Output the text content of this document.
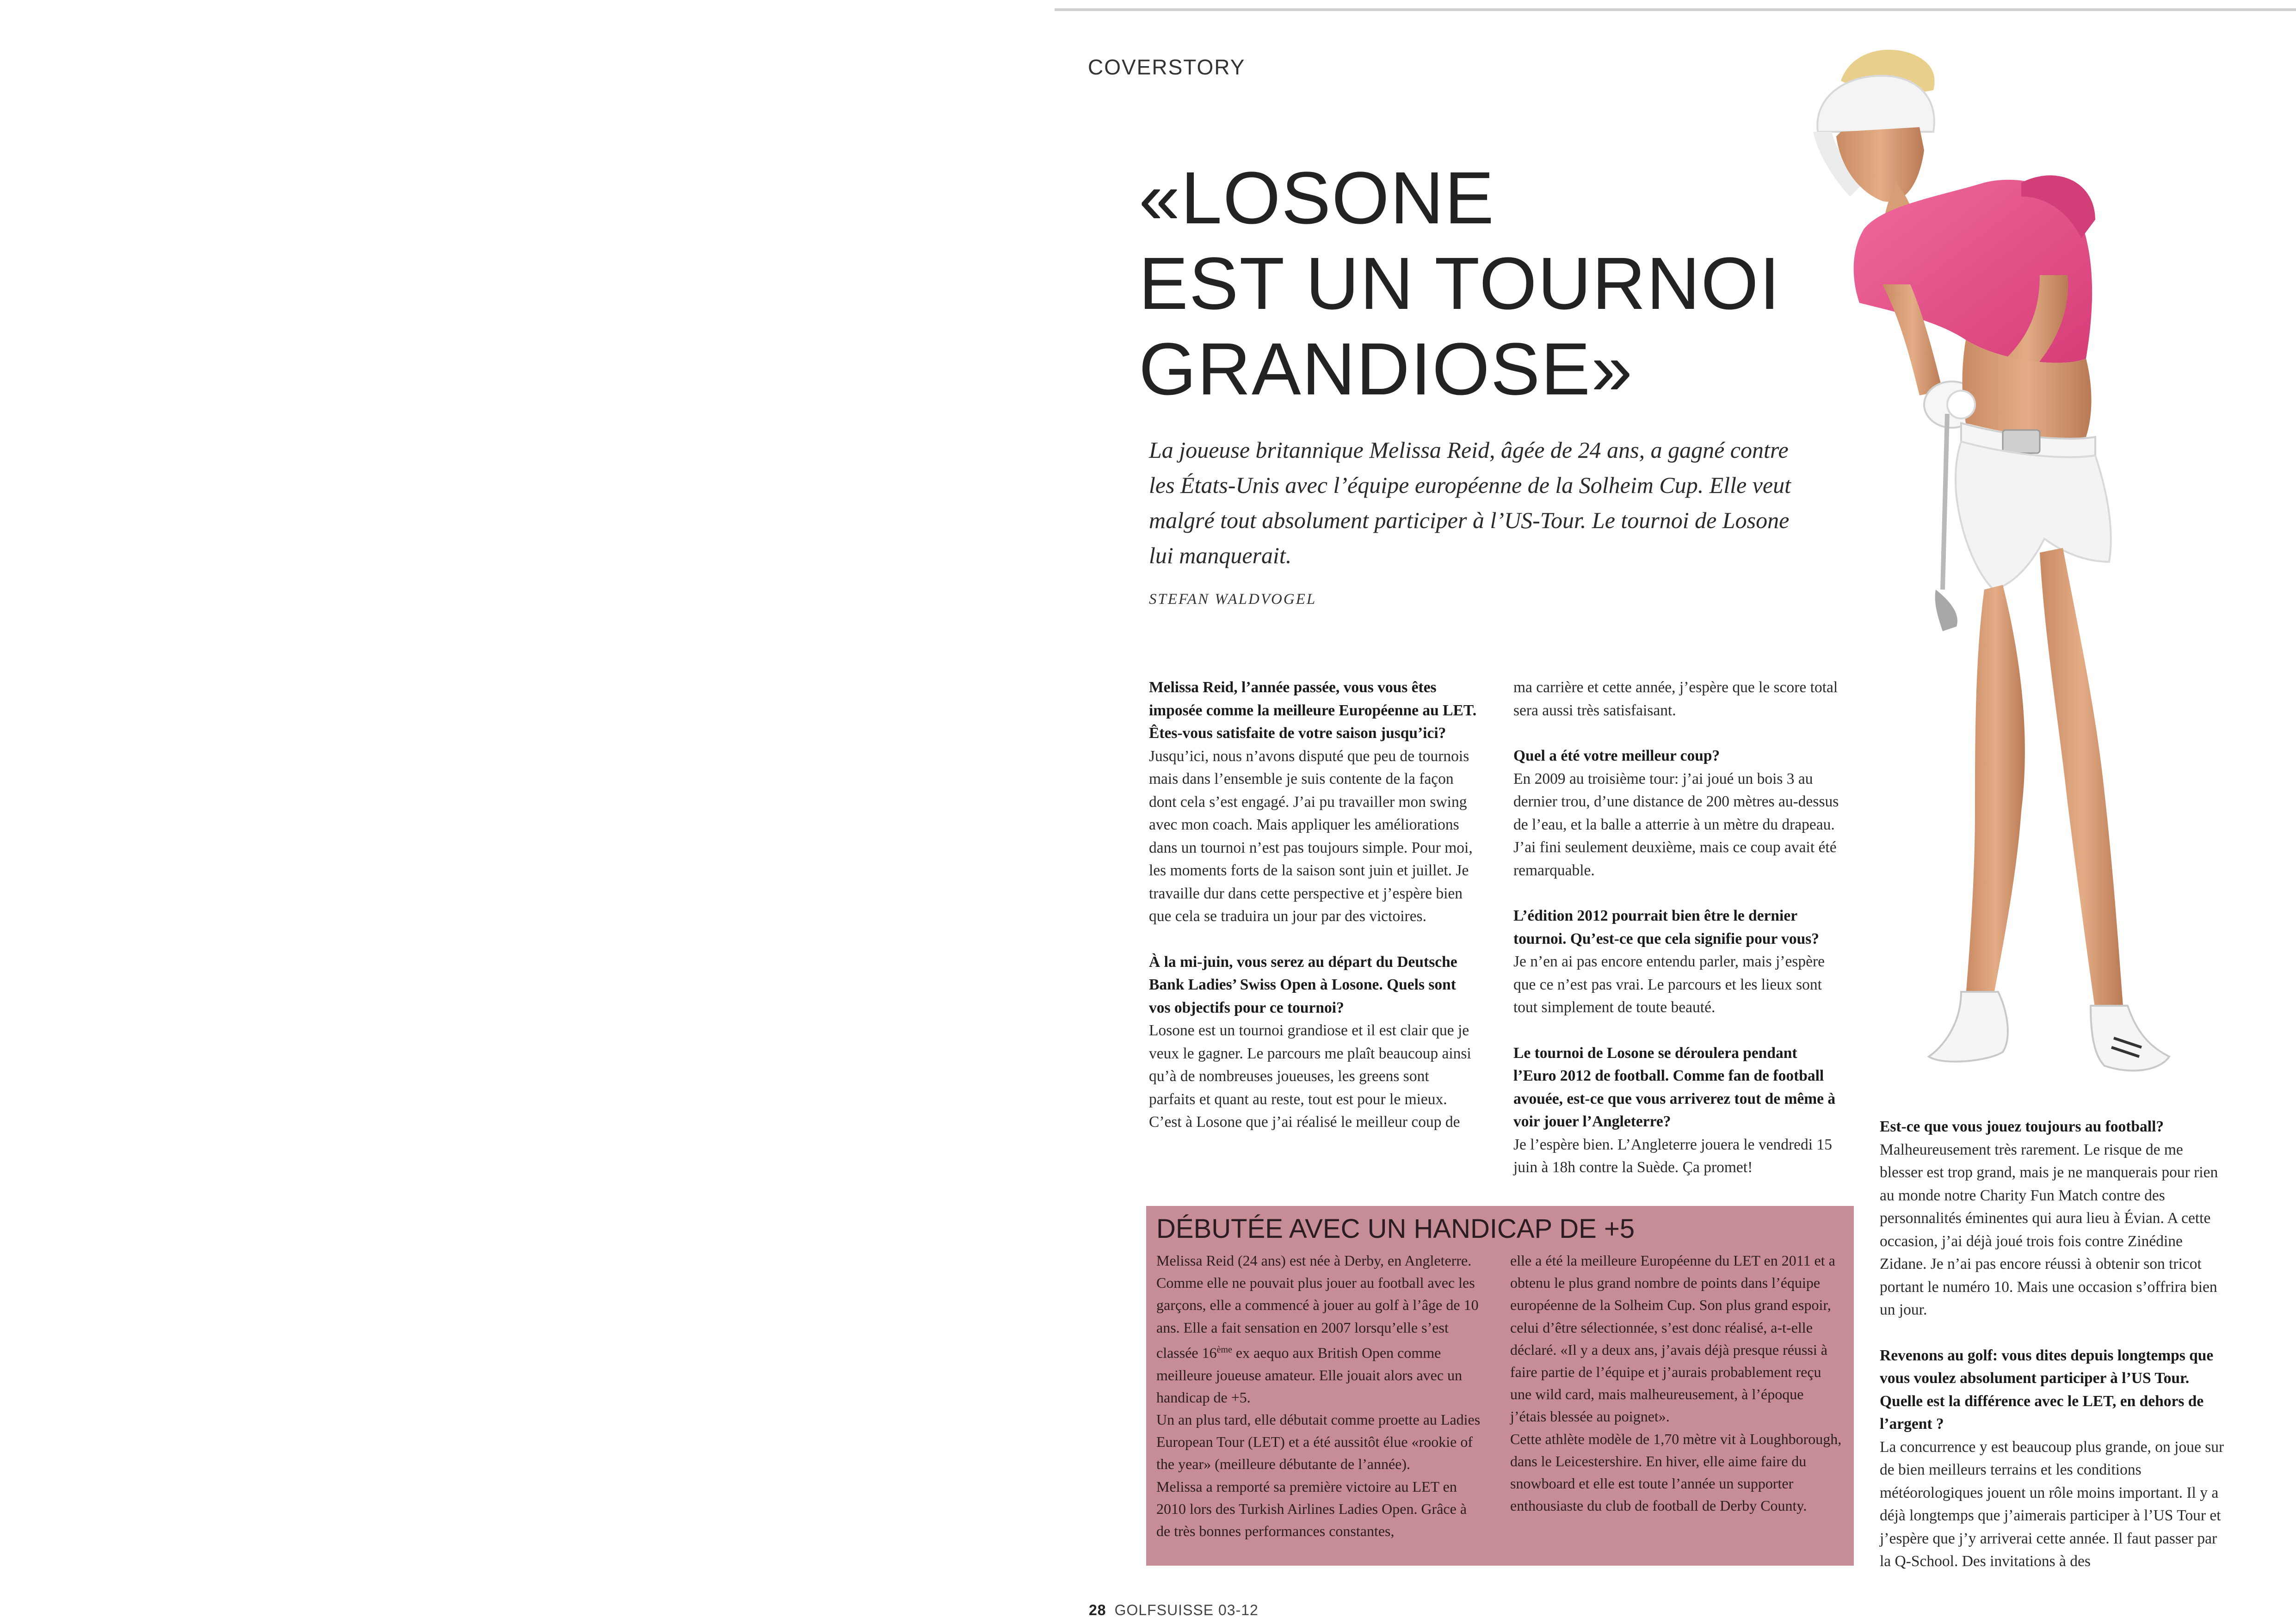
COVERSTORY
«LOSONE
EST UN TOURNOI
GRANDIOSE»

La joueuse britannique Melissa Reid, âgée de 24 ans, a gagné contre les États-Unis avec l’équipe européenne de la Solheim Cup. Elle veut malgré tout absolument participer à l’US-Tour. Le tournoi de Losone lui manquerait.

STEFAN WALDVOGEL

Melissa Reid, l’année passée, vous vous êtes imposée comme la meilleure Européenne au LET. Êtes-vous satisfaite de votre saison jusqu’ici?
Jusqu’ici, nous n’avons disputé que peu de tournois mais dans l’ensemble je suis contente de la façon dont cela s’est engagé. J’ai pu travailler mon swing avec mon coach. Mais appliquer les améliorations dans un tournoi n’est pas toujours simple. Pour moi, les moments forts de la saison sont juin et juillet. Je travaille dur dans cette perspective et j’espère bien que cela se traduira un jour par des victoires.

À la mi-juin, vous serez au départ du Deutsche Bank Ladies’ Swiss Open à Losone. Quels sont vos objectifs pour ce tournoi?
Losone est un tournoi grandiose et il est clair que je veux le gagner. Le parcours me plaît beaucoup ainsi qu’à de nombreuses joueuses, les greens sont parfaits et quant au reste, tout est pour le mieux. C’est à Losone que j’ai réalisé le meilleur coup de

ma carrière et cette année, j’espère que le score total sera aussi très satisfaisant.

Quel a été votre meilleur coup?
En 2009 au troisième tour: j’ai joué un bois 3 au dernier trou, d’une distance de 200 mètres au-dessus de l’eau, et la balle a atterrie à un mètre du drapeau. J’ai fini seulement deuxième, mais ce coup avait été remarquable.

L’édition 2012 pourrait bien être le dernier tournoi. Qu’est-ce que cela signifie pour vous?
Je n’en ai pas encore entendu parler, mais j’espère que ce n’est pas vrai. Le parcours et les lieux sont tout simplement de toute beauté.

Le tournoi de Losone se déroulera pendant l’Euro 2012 de football. Comme fan de football avouée, est-ce que vous arriverez tout de même à voir jouer l’Angleterre?
Je l’espère bien. L’Angleterre jouera le vendredi 15 juin à 18h contre la Suède. Ça promet!

Est-ce que vous jouez toujours au football?
Malheureusement très rarement. Le risque de me blesser est trop grand, mais je ne manquerais pour rien au monde notre Charity Fun Match contre des personnalités éminentes qui aura lieu à Évian. A cette occasion, j’ai déjà joué trois fois contre Zinédine Zidane. Je n’ai pas encore réussi à obtenir son tricot portant le numéro 10. Mais une occasion s’offrira bien un jour.

Revenons au golf: vous dites depuis longtemps que vous voulez absolument participer à l’US Tour. Quelle est la différence avec le LET, en dehors de l’argent ?
La concurrence y est beaucoup plus grande, on joue sur de bien meilleurs terrains et les conditions météorologiques jouent un rôle moins important. Il y a déjà longtemps que j’aimerais participer à l’US Tour et j’espère que j’y arriverai cette année. Il faut passer par la Q-School. Des invitations à des

DÉBUTÉE AVEC UN HANDICAP DE +5

Melissa Reid (24 ans) est née à Derby, en Angleterre. Comme elle ne pouvait plus jouer au football avec les garçons, elle a commencé à jouer au golf à l’âge de 10 ans. Elle a fait sensation en 2007 lorsqu’elle s’est classée 16ème ex aequo aux British Open comme meilleure joueuse amateur. Elle jouait alors avec un handicap de +5.

Un an plus tard, elle débutait comme proette au Ladies European Tour (LET) et a été aussitôt élue «rookie of the year» (meilleure débutante de l’année).

Melissa a remporté sa première victoire au LET en 2010 lors des Turkish Airlines Ladies Open. Grâce à de très bonnes performances constantes,

elle a été la meilleure Européenne du LET en 2011 et a obtenu le plus grand nombre de points dans l’équipe européenne de la Solheim Cup. Son plus grand espoir, celui d’être sélectionnée, s’est donc réalisé, a-t-elle déclaré. «Il y a deux ans, j’avais déjà presque réussi à faire partie de l’équipe et j’aurais probablement reçu une wild card, mais malheureusement, à l’époque j’étais blessée au poignet».

Cette athlète modèle de 1,70 mètre vit à Loughborough, dans le Leicestershire. En hiver, elle aime faire du snowboard et elle est toute l’année un supporter enthousiaste du club de football de Derby County.

28 GOLFSUISSE 03-12
